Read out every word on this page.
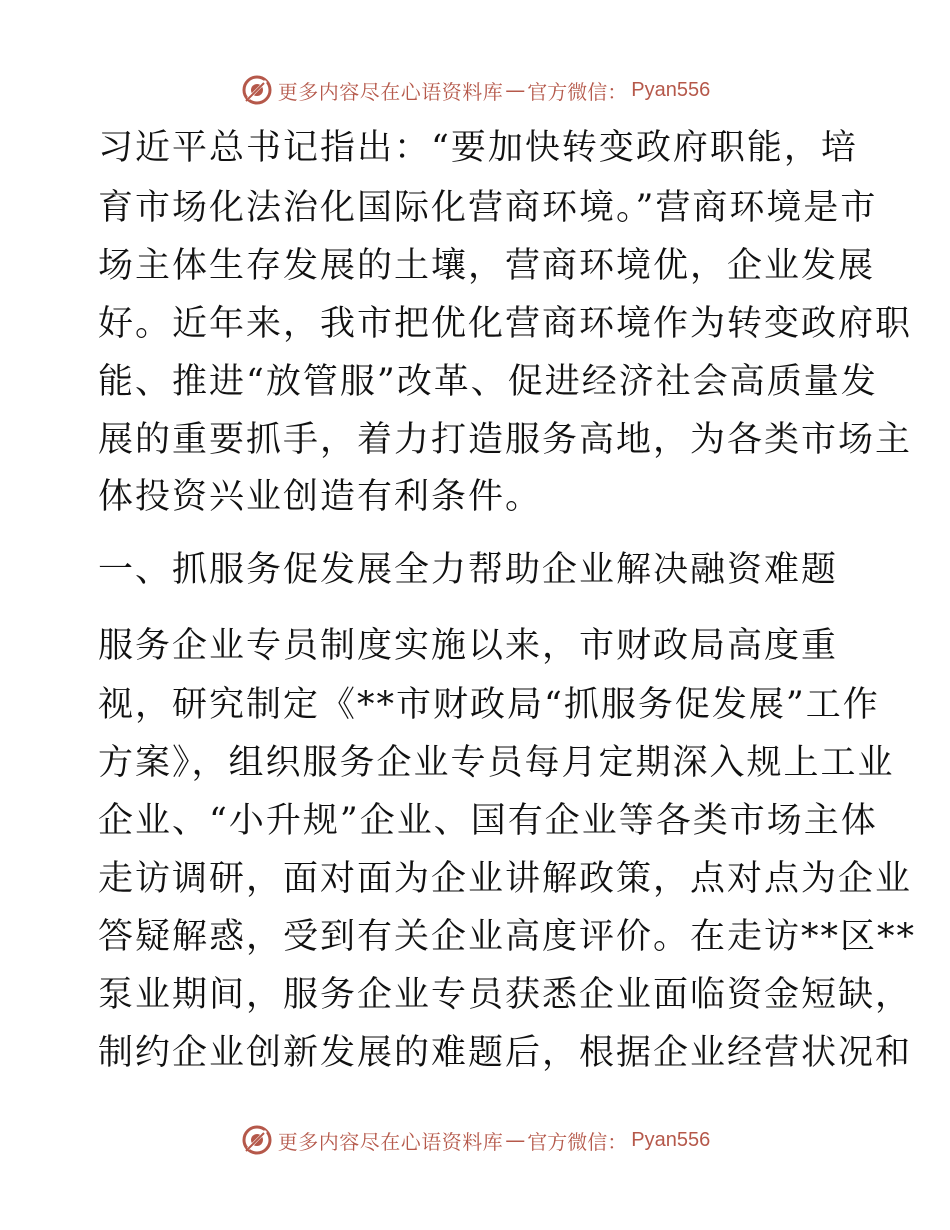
更多内容尽在心语资料库 — 官方微信： Pyan556
习近平总书记指出：“要加快转变政府职能，培
育市场化法治化国际化营商环境。”营商环境是市
场主体生存发展的土壤，营商环境优，企业发展
好。近年来，我市把优化营商环境作为转变政府职
能、推进“放管服”改革、促进经济社会高质量发
展的重要抓手，着力打造服务高地，为各类市场主
体投资兴业创造有利条件。
一、抓服务促发展全力帮助企业解决融资难题
服务企业专员制度实施以来，市财政局高度重
视，研究制定《**市财政局“抓服务促发展”工作
方案》，组织服务企业专员每月定期深入规上工业
企业、“小升规”企业、国有企业等各类市场主体
走访调研，面对面为企业讲解政策，点对点为企业
答疑解惑，受到有关企业高度评价。在走访**区**
泵业期间，服务企业专员获悉企业面临资金短缺，
制约企业创新发展的难题后，根据企业经营状况和
更多内容尽在心语资料库 — 官方微信： Pyan556
